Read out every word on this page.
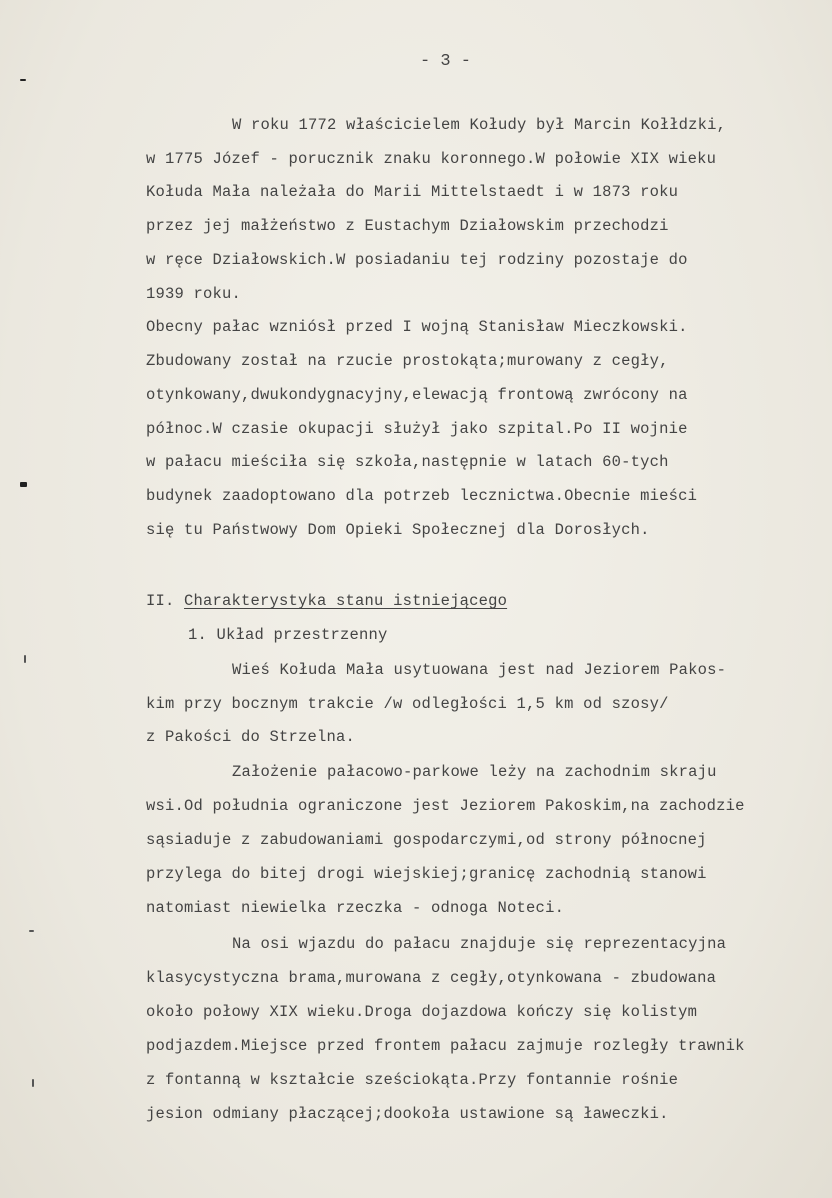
- 3 -
W roku 1772 właścicielem Kołudy był Marcin Kołłdzki,
w 1775 Józef - porucznik znaku koronnego.W połowie XIX wieku
Kołuda Mała należała do Marii Mittelstaedt i w 1873 roku
przez jej małżeństwo z Eustachym Działowskim przechodzi
w ręce Działowskich.W posiadaniu tej rodziny pozostaje do
1939 roku.
Obecny pałac wzniósł przed I wojną Stanisław Mieczkowski.
Zbudowany został na rzucie prostokąta;murowany z cegły,
otynkowany,dwukondygnacyjny,elewacją frontową zwrócony na
północ.W czasie okupacji służył jako szpital.Po II wojnie
w pałacu mieściła się szkoła,następnie w latach 60-tych
budynek zaadoptowano dla potrzeb lecznictwa.Obecnie mieści
się tu Państwowy Dom Opieki Społecznej dla Dorosłych.
II. Charakterystyka stanu istniejącego
1. Układ przestrzenny
Wieś Kołuda Mała usytuowana jest nad Jeziorem Pakos-
kim przy bocznym trakcie /w odległości 1,5 km od szosy/
z Pakości do Strzelna.
Założenie pałacowo-parkowe leży na zachodnim skraju
wsi.Od południa ograniczone jest Jeziorem Pakoskim,na zachodzie
sąsiaduje z zabudowaniami gospodarczymi,od strony północnej
przylega do bitej drogi wiejskiej;granicę zachodnią stanowi
natomiast niewielka rzeczka - odnoga Noteci.
Na osi wjazdu do pałacu znajduje się reprezentacyjna
klasycystyczna brama,murowana z cegły,otynkowana - zbudowana
około połowy XIX wieku.Droga dojazdowa kończy się kolistym
podjazdem.Miejsce przed frontem pałacu zajmuje rozległy trawnik
z fontanną w kształcie sześciokąta.Przy fontannie rośnie
jesion odmiany płaczącej;dookoła ustawione są ławeczki.
